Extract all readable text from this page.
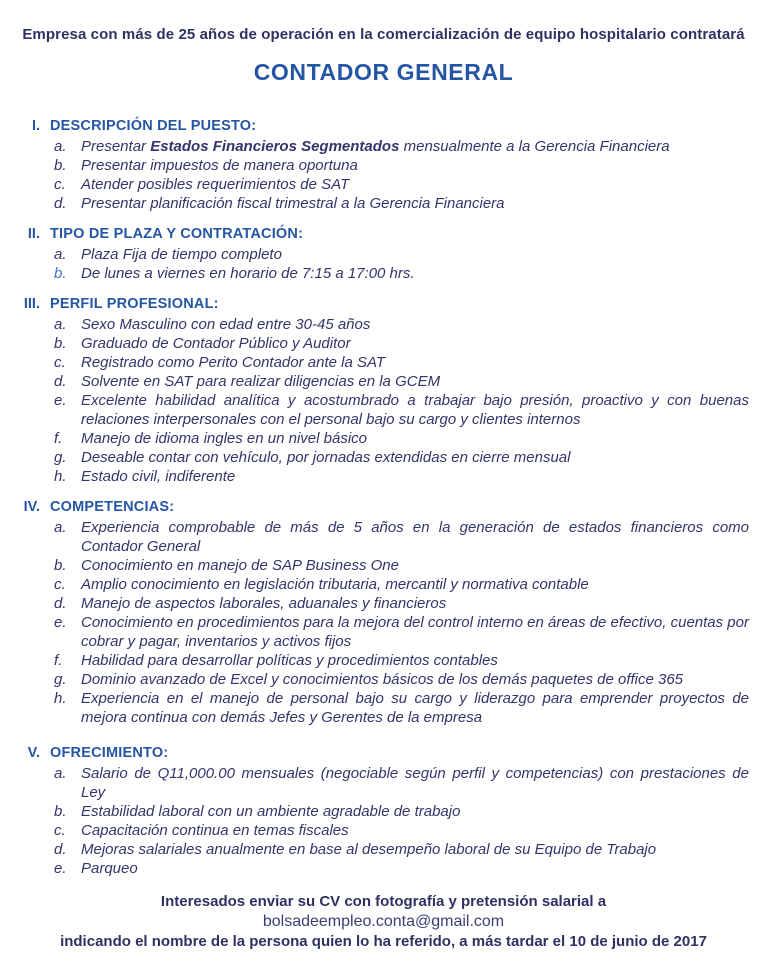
Empresa con más de 25 años de operación en la comercialización de equipo hospitalario contratará

CONTADOR GENERAL
I. DESCRIPCIÓN DEL PUESTO:
a. Presentar Estados Financieros Segmentados mensualmente a la Gerencia Financiera
b. Presentar impuestos de manera oportuna
c.	Atender posibles requerimientos de SAT
d. Presentar planificación fiscal trimestral a la Gerencia Financiera
II. TIPO DE PLAZA Y CONTRATACIÓN:
a. Plaza Fija de tiempo completo
b. De lunes a viernes en horario de 7:15 a 17:00 hrs.
III. PERFIL PROFESIONAL:
a. Sexo Masculino con edad entre 30-45 años
b. Graduado de Contador Público y Auditor
c.	Registrado como Perito Contador ante la SAT
d. Solvente en SAT para realizar diligencias en la GCEM
e. Excelente habilidad analítica y acostumbrado a trabajar bajo presión, proactivo y con buenas relaciones interpersonales con el personal bajo su cargo y clientes internos
f.	Manejo de idioma ingles en un nivel básico
g. Deseable contar con vehículo, por jornadas extendidas en cierre mensual
h. Estado civil, indiferente
IV. COMPETENCIAS:
a. Experiencia comprobable de más de 5 años en la generación de estados financieros como Contador General
b. Conocimiento en manejo de SAP Business One
c.	Amplio conocimiento en legislación tributaria, mercantil y normativa contable
d. Manejo de aspectos laborales, aduanales y financieros
e. Conocimiento en procedimientos para la mejora del control interno en áreas de efectivo, cuentas por cobrar y pagar, inventarios y activos fijos
f.	Habilidad para desarrollar políticas y procedimientos contables
g. Dominio avanzado de Excel y conocimientos básicos de los demás paquetes de office 365
h. Experiencia en el manejo de personal bajo su cargo y liderazgo para emprender proyectos de mejora continua con demás Jefes y Gerentes de la empresa
V. OFRECIMIENTO:
a. Salario de Q11,000.00 mensuales (negociable según perfil y competencias) con prestaciones de Ley
b. Estabilidad laboral con un ambiente agradable de trabajo
c.	Capacitación continua en temas fiscales
d. Mejoras salariales anualmente en base al desempeño laboral de su Equipo de Trabajo
e. Parqueo

Interesados enviar su CV con fotografía y pretensión salarial a

bolsadeempleo.conta@gmail.com

indicando el nombre de la persona quien lo ha referido, a más tardar el 10 de junio de 2017
